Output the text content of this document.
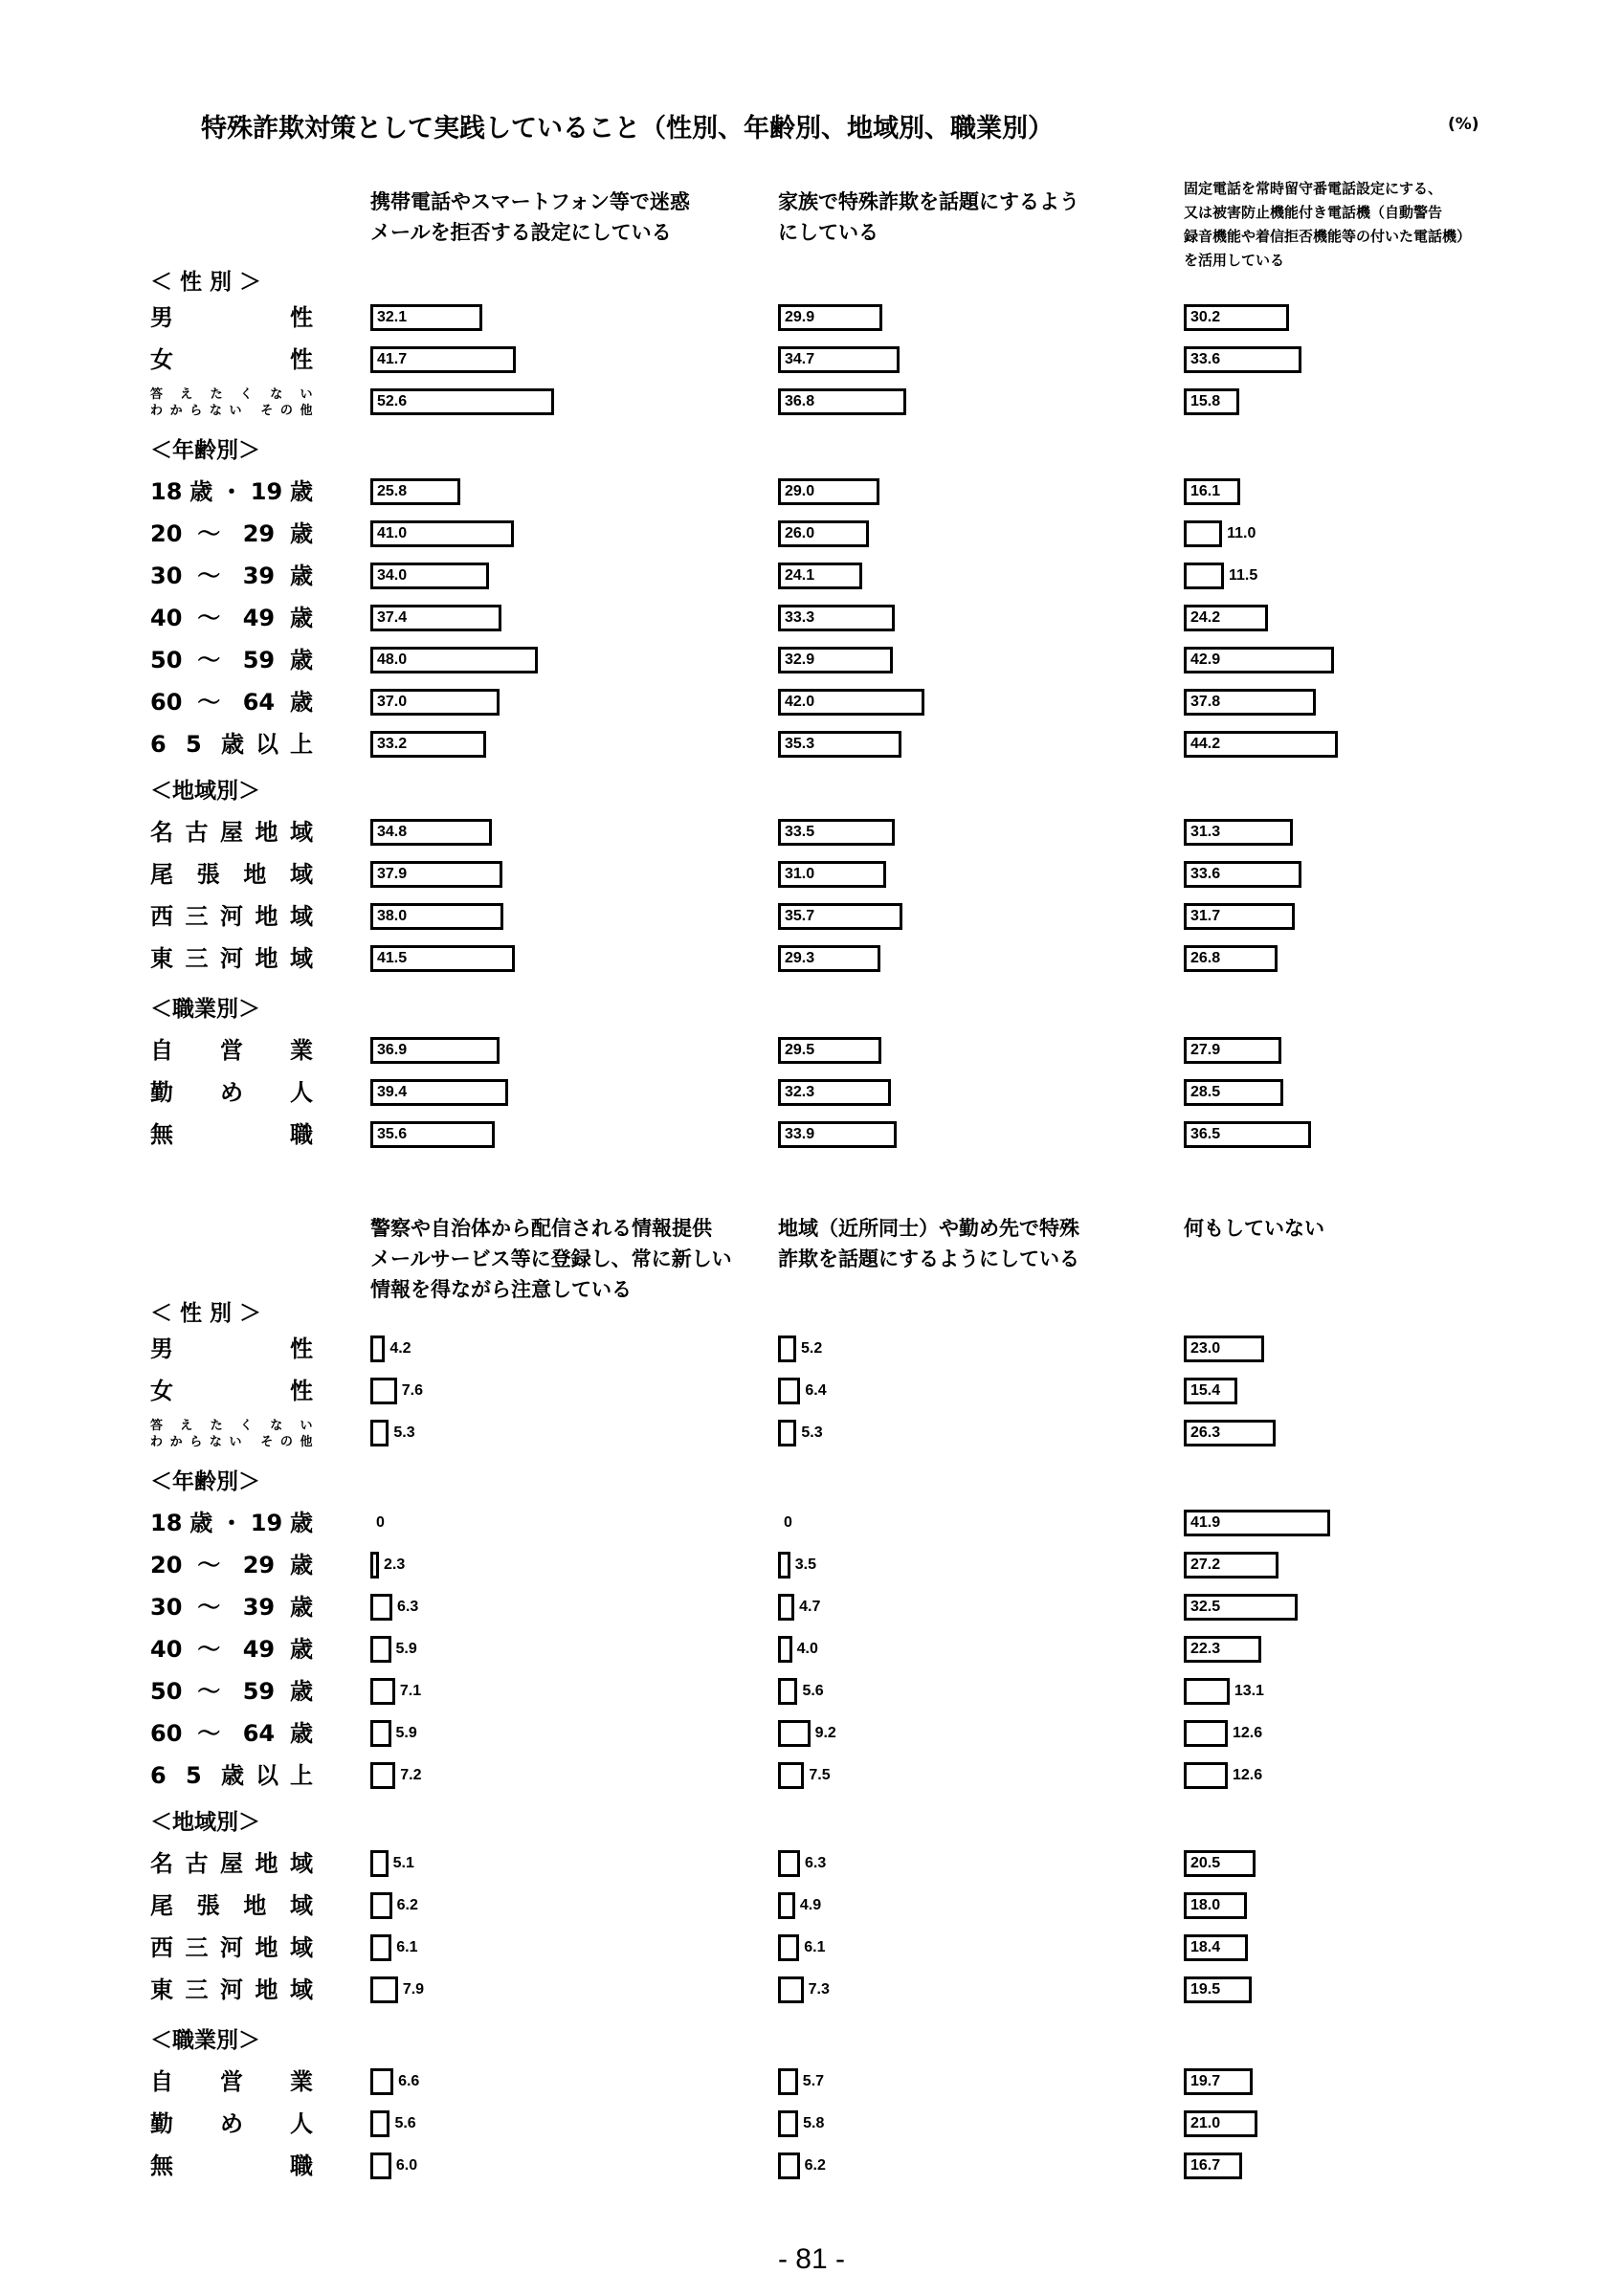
特殊詐欺対策として実践していること（性別、年齢別、地域別、職業別）	(%)
携帯電話やスマートフォン等で迷惑
メールを拒否する設定にしている
家族で特殊詐欺を話題にするよう
にしている
固定電話を常時留守番電話設定にする、
又は被害防止機能付き電話機（自動警告
録音機能や着信拒否機能等の付いた電話機）
を活用している
＜ 性 別 ＞
男　性	32.1	29.9	30.2
女　性	41.7	34.7	33.6
答 え た く な い
わからない その他
52.6	36.8	15.8
＜年齢別＞
18歳・19歳	25.8	29.0	16.1
20 ～ 29 歳	41.0	26.0	11.0
30 ～ 39 歳	34.0	24.1	11.5
40 ～ 49 歳	37.4	33.3	24.2
50 ～ 59 歳	48.0	32.9	42.9
60 ～ 64 歳	37.0	42.0	37.8
6 5 歳以上	33.2	35.3	44.2
＜地域別＞
名古屋地域	34.8	33.5	31.3
尾張地域	37.9	31.0	33.6
西三河地域	38.0	35.7	31.7
東三河地域	41.5	29.3	26.8
＜職業別＞
自営業	36.9	29.5	27.9
勤め人	39.4	32.3	28.5
無　職	35.6	33.9	36.5
警察や自治体から配信される情報提供
メールサービス等に登録し、常に新しい
情報を得ながら注意している
地域（近所同士）や勤め先で特殊
詐欺を話題にするようにしている
何もしていない
＜ 性 別 ＞
男　性	4.2	5.2	23.0
女　性	7.6	6.4	15.4
答 え た く な い
わからない その他
5.3	5.3	26.3
＜年齢別＞
18歳・19歳	0	0	41.9
20 ～ 29 歳	2.3	3.5	27.2
30 ～ 39 歳	6.3	4.7	32.5
40 ～ 49 歳	5.9	4.0	22.3
50 ～ 59 歳	7.1	5.6	13.1
60 ～ 64 歳	5.9	9.2	12.6
6 5 歳以上	7.2	7.5	12.6
＜地域別＞
名古屋地域	5.1	6.3	20.5
尾張地域	6.2	4.9	18.0
西三河地域	6.1	6.1	18.4
東三河地域	7.9	7.3	19.5
＜職業別＞
自営業	6.6	5.7	19.7
勤め人	5.6	5.8	21.0
無　職	6.0	6.2	16.7
- 81 -
